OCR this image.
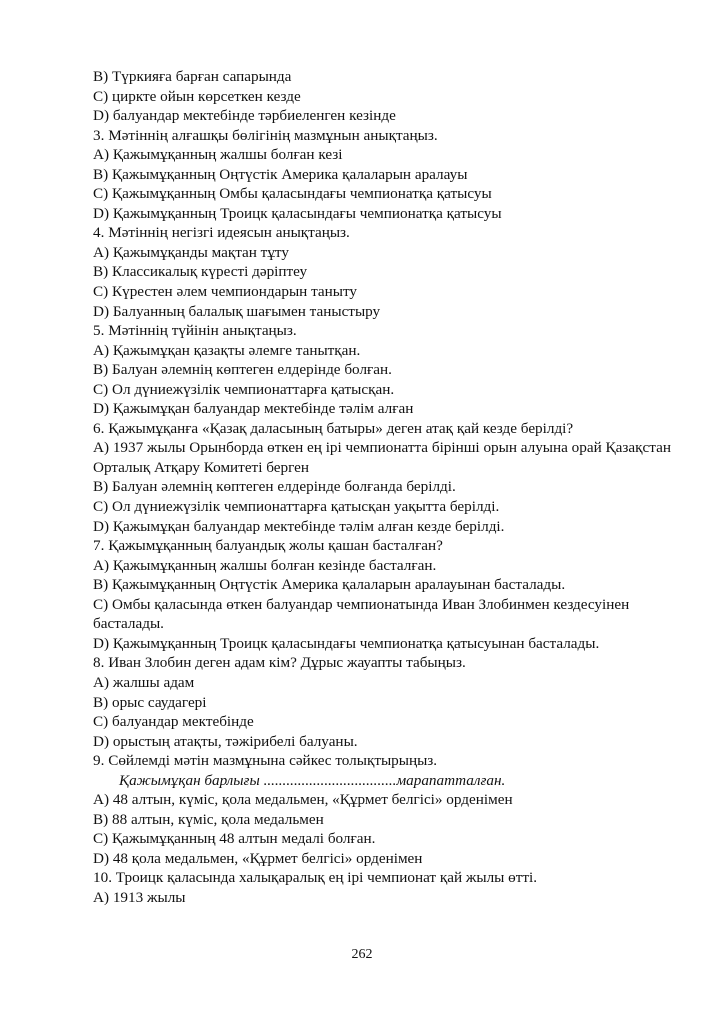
В) Түркияға барған сапарында

С) циркте ойын көрсеткен кезде

D) балуандар мектебінде тәрбиеленген кезінде

3. Мәтіннің алғашқы бөлігінің мазмұнын анықтаңыз.

А) Қажымұқанның жалшы болған кезі

В) Қажымұқанның Оңтүстік Америка қалаларын аралауы

С) Қажымұқанның Омбы қаласындағы чемпионатқа қатысуы

D) Қажымұқанның Троицк қаласындағы чемпионатқа қатысуы

4. Мәтіннің негізгі идеясын анықтаңыз.

А) Қажымұқанды мақтан тұту

В) Классикалық күресті дәріптеу

С) Күрестен әлем чемпиондарын таныту

D) Балуанның балалық шағымен таныстыру

5. Мәтіннің түйінін анықтаңыз.

А) Қажымұқан қазақты әлемге танытқан.

В) Балуан әлемнің көптеген елдерінде болған.

С) Ол дүниежүзілік чемпионаттарға қатысқан.

D) Қажымұқан балуандар мектебінде тәлім алған

6. Қажымұқанға «Қазақ даласының батыры» деген атақ қай кезде берілді?

А) 1937 жылы Орынборда өткен ең ірі чемпионатта бірінші орын алуына орай Қазақстан Орталық Атқару Комитеті берген

В) Балуан әлемнің көптеген елдерінде болғанда берілді.

С) Ол дүниежүзілік чемпионаттарға қатысқан уақытта берілді.

D) Қажымұқан балуандар мектебінде тәлім алған кезде берілді.

7. Қажымұқанның балуандық жолы қашан басталған?

А) Қажымұқанның жалшы болған кезінде басталған.

В) Қажымұқанның Оңтүстік Америка қалаларын аралауынан басталады.

С) Омбы қаласында өткен балуандар чемпионатында Иван Злобинмен кездесуінен басталады.

D) Қажымұқанның Троицк қаласындағы чемпионатқа қатысуынан басталады.

8. Иван Злобин деген адам кім? Дұрыс жауапты табыңыз.

А) жалшы адам

В) орыс саудагері

С) балуандар мектебінде

D) орыстың атақты, тәжірибелі балуаны.

9. Сөйлемді мәтін мазмұнына сәйкес толықтырыңыз.

Қажымұқан барлығы ...................................марапатталған.

А) 48 алтын, күміс, қола медальмен, «Құрмет белгісі» орденімен

В) 88 алтын, күміс, қола медальмен

С) Қажымұқанның 48 алтын медалі болған.

D) 48 қола медальмен, «Құрмет белгісі» орденімен

10. Троицк қаласында халықаралық ең ірі чемпионат қай жылы өтті.

А) 1913 жылы

262
